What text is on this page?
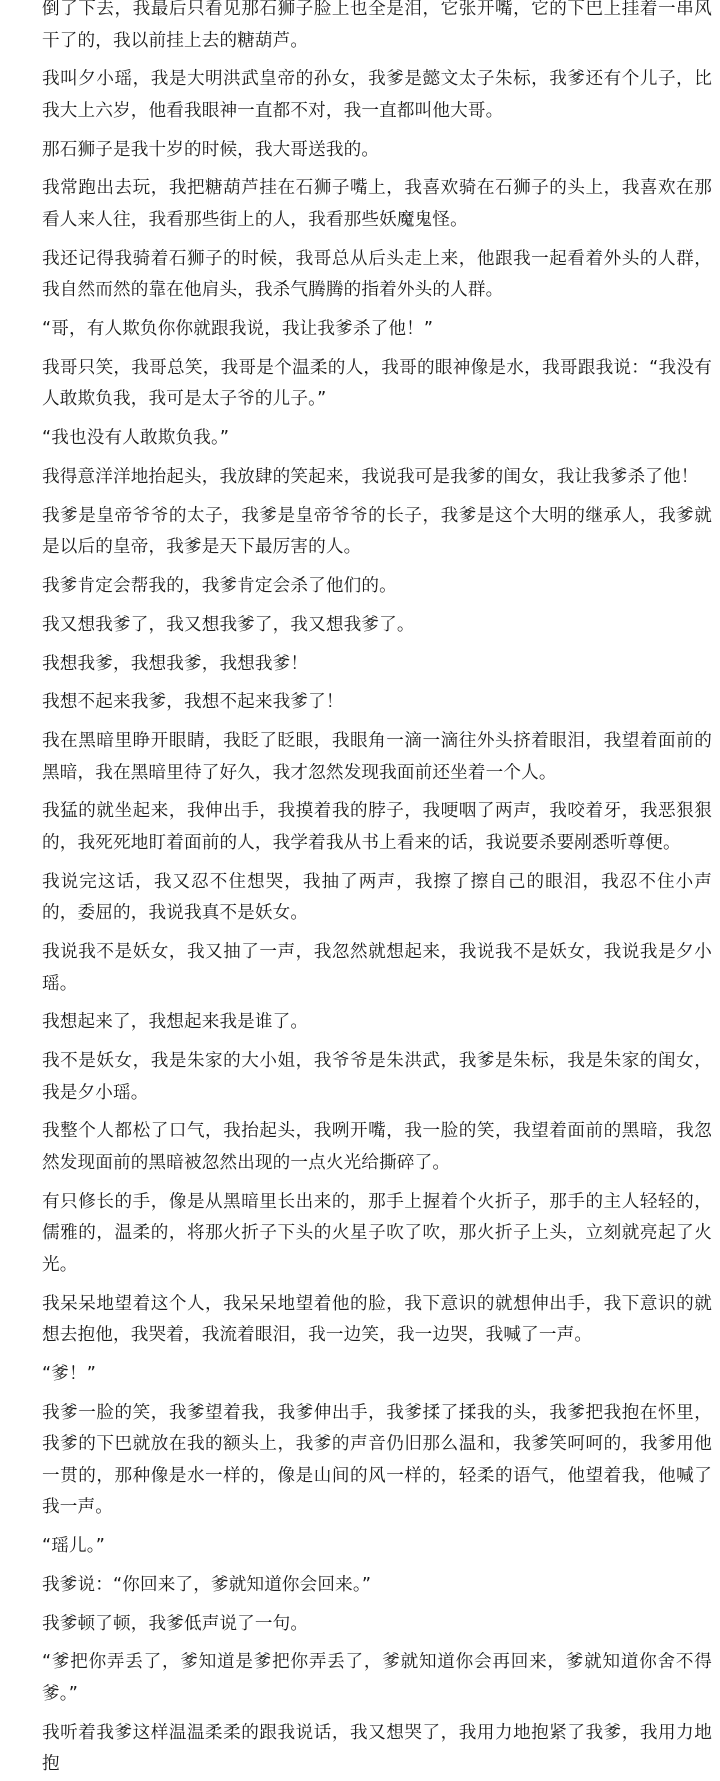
倒了下去，我最后只看见那石狮子脸上也全是泪，它张开嘴，它的下巴上挂着一串风干了的，我以前挂上去的糖葫芦。

我叫夕小瑶，我是大明洪武皇帝的孙女，我爹是懿文太子朱标，我爹还有个儿子，比我大上六岁，他看我眼神一直都不对，我一直都叫他大哥。

那石狮子是我十岁的时候，我大哥送我的。

我常跑出去玩，我把糖葫芦挂在石狮子嘴上，我喜欢骑在石狮子的头上，我喜欢在那看人来人往，我看那些街上的人，我看那些妖魔鬼怪。

我还记得我骑着石狮子的时候，我哥总从后头走上来，他跟我一起看着外头的人群，我自然而然的靠在他肩头，我杀气腾腾的指着外头的人群。

“哥，有人欺负你你就跟我说，我让我爹杀了他！”

我哥只笑，我哥总笑，我哥是个温柔的人，我哥的眼神像是水，我哥跟我说：“我没有人敢欺负我，我可是太子爷的儿子。”

“我也没有人敢欺负我。”

我得意洋洋地抬起头，我放肆的笑起来，我说我可是我爹的闺女，我让我爹杀了他！

我爹是皇帝爷爷的太子，我爹是皇帝爷爷的长子，我爹是这个大明的继承人，我爹就是以后的皇帝，我爹是天下最厉害的人。

我爹肯定会帮我的，我爹肯定会杀了他们的。

我又想我爹了，我又想我爹了，我又想我爹了。

我想我爹，我想我爹，我想我爹！

我想不起来我爹，我想不起来我爹了！

我在黑暗里睁开眼睛，我眨了眨眼，我眼角一滴一滴往外头挤着眼泪，我望着面前的黑暗，我在黑暗里待了好久，我才忽然发现我面前还坐着一个人。

我猛的就坐起来，我伸出手，我摸着我的脖子，我哽咽了两声，我咬着牙，我恶狠狠的，我死死地盯着面前的人，我学着我从书上看来的话，我说要杀要剐悉听尊便。

我说完这话，我又忍不住想哭，我抽了两声，我擦了擦自己的眼泪，我忍不住小声的，委屈的，我说我真不是妖女。

我说我不是妖女，我又抽了一声，我忽然就想起来，我说我不是妖女，我说我是夕小瑶。

我想起来了，我想起来我是谁了。

我不是妖女，我是朱家的大小姐，我爷爷是朱洪武，我爹是朱标，我是朱家的闺女，我是夕小瑶。

我整个人都松了口气，我抬起头，我咧开嘴，我一脸的笑，我望着面前的黑暗，我忽然发现面前的黑暗被忽然出现的一点火光给撕碎了。

有只修长的手，像是从黑暗里长出来的，那手上握着个火折子，那手的主人轻轻的，儒雅的，温柔的，将那火折子下头的火星子吹了吹，那火折子上头，立刻就亮起了火光。

我呆呆地望着这个人，我呆呆地望着他的脸，我下意识的就想伸出手，我下意识的就想去抱他，我哭着，我流着眼泪，我一边笑，我一边哭，我喊了一声。

“爹！”

我爹一脸的笑，我爹望着我，我爹伸出手，我爹揉了揉我的头，我爹把我抱在怀里，我爹的下巴就放在我的额头上，我爹的声音仍旧那么温和，我爹笑呵呵的，我爹用他一贯的，那种像是水一样的，像是山间的风一样的，轻柔的语气，他望着我，他喊了我一声。

“瑶儿。”

我爹说：“你回来了，爹就知道你会回来。”

我爹顿了顿，我爹低声说了一句。

“爹把你弄丢了，爹知道是爹把你弄丢了，爹就知道你会再回来，爹就知道你舍不得爹。”

我听着我爹这样温温柔柔的跟我说话，我又想哭了，我用力地抱紧了我爹，我用力地抱
